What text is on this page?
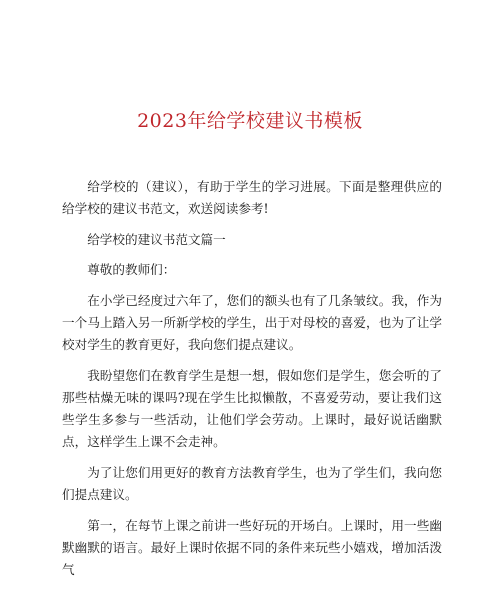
2023年给学校建议书模板

给学校的（建议），有助于学生的学习进展。下面是整理供应的给学校的建议书范文，欢送阅读参考!

给学校的建议书范文篇一

尊敬的教师们：

在小学已经度过六年了，您们的额头也有了几条皱纹。我，作为一个马上踏入另一所新学校的学生，出于对母校的喜爱，也为了让学校对学生的教育更好，我向您们提点建议。

我盼望您们在教育学生是想一想，假如您们是学生，您会听的了那些枯燥无味的课吗?现在学生比拟懒散，不喜爱劳动，要让我们这些学生多参与一些活动，让他们学会劳动。上课时，最好说话幽默点，这样学生上课不会走神。

为了让您们用更好的教育方法教育学生，也为了学生们，我向您们提点建议。

第一，在每节上课之前讲一些好玩的开场白。上课时，用一些幽默幽默的语言。最好上课时依据不同的条件来玩些小嬉戏，增加活泼气
